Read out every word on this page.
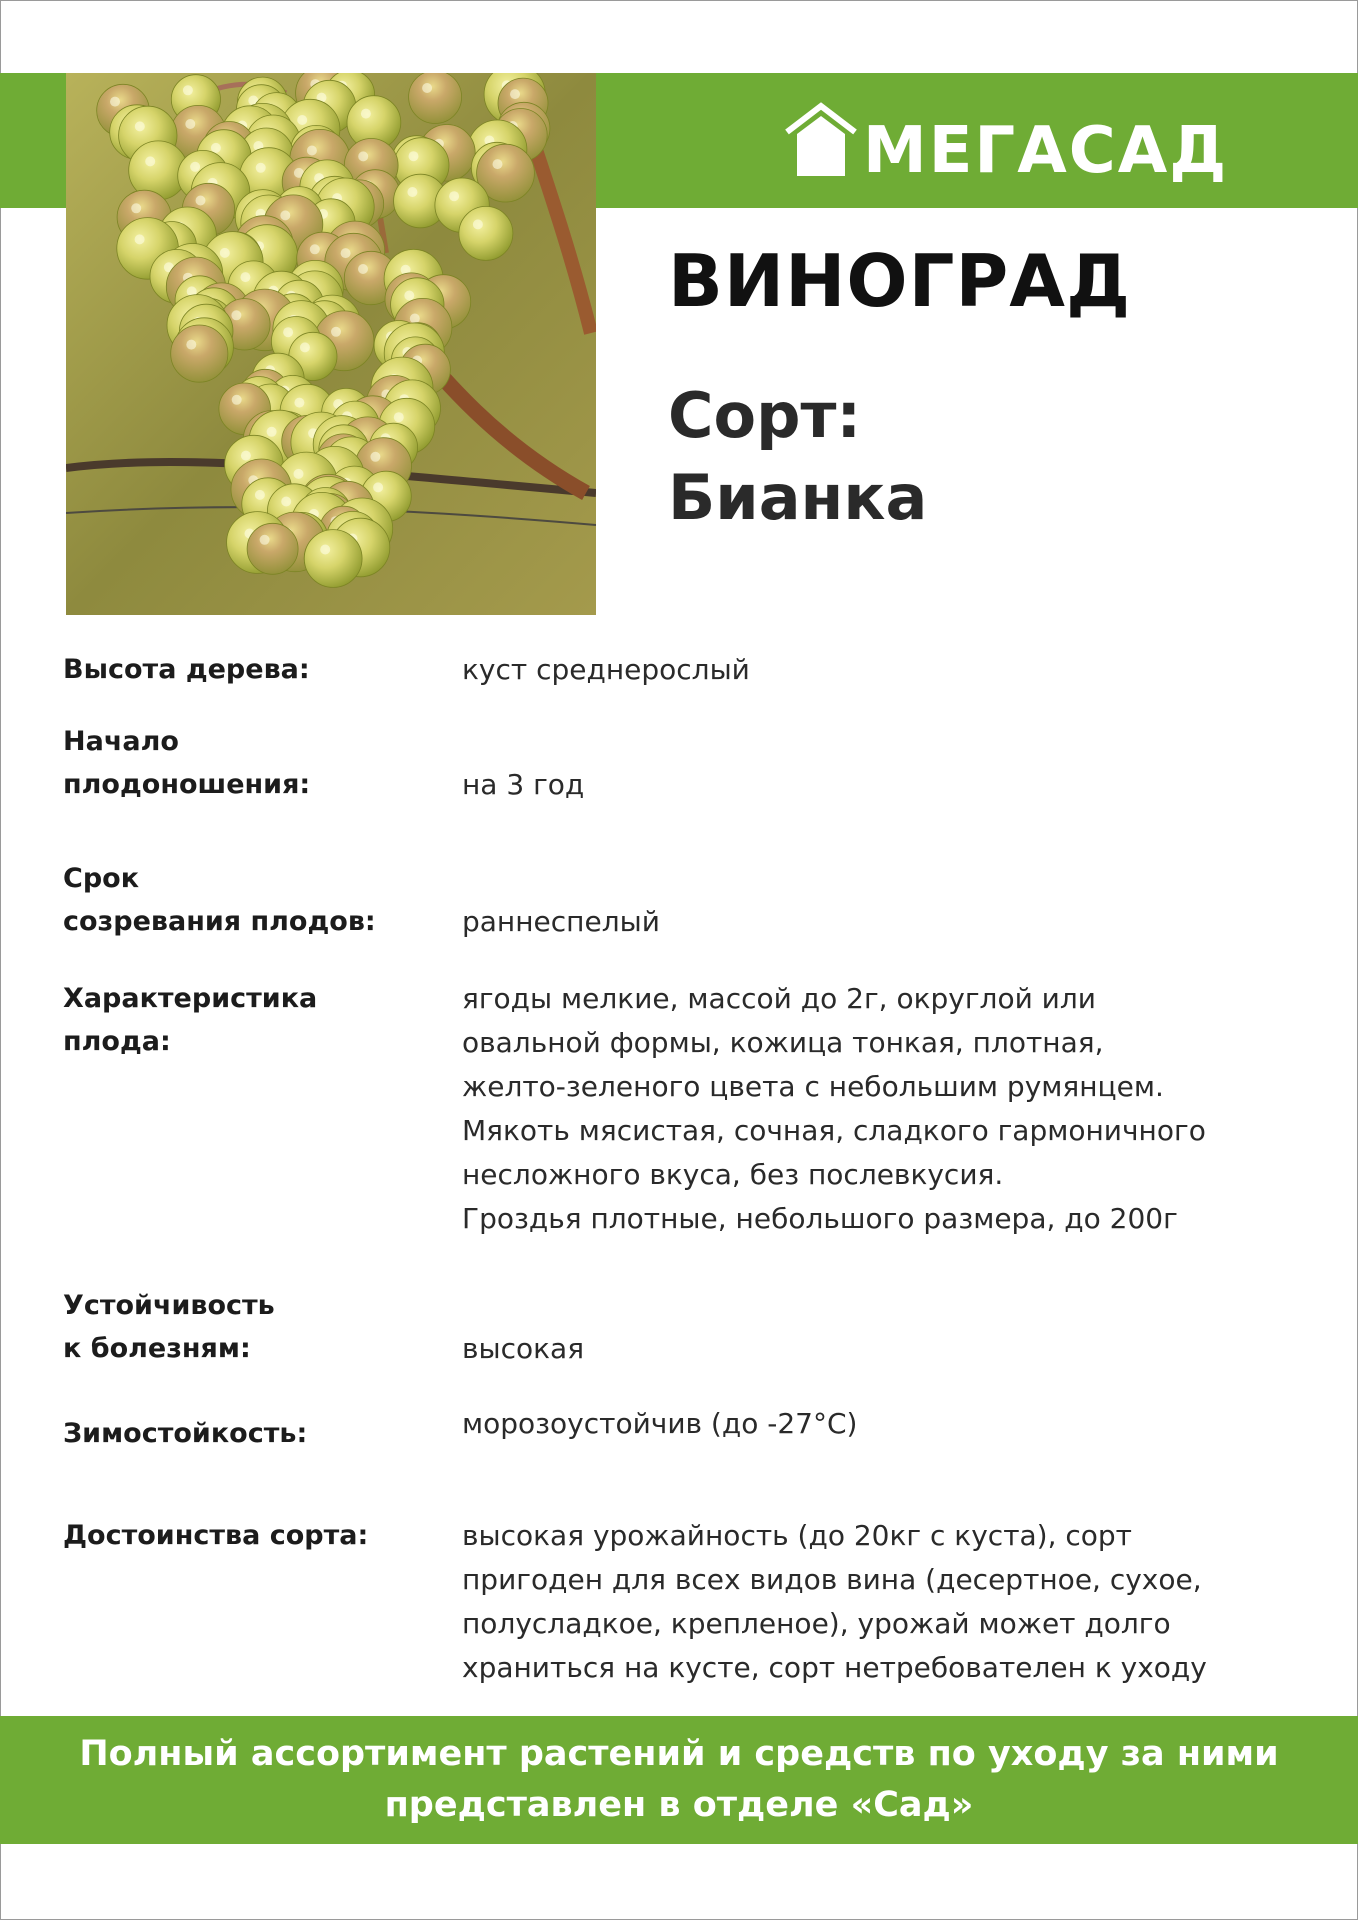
МЕГАСАД
ВИНОГРАД
Сорт:
Бианка
Высота дерева:	куст среднерослый
Начало
плодоношения:	на 3 год
Срок
созревания плодов:	раннеспелый
Характеристика
плода:
ягоды мелкие, массой до 2г, округлой или
овальной формы, кожица тонкая, плотная,
желто-зеленого цвета с небольшим румянцем.
Мякоть мясистая, сочная, сладкого гармоничного
несложного вкуса, без послевкусия.
Гроздья плотные, небольшого размера, до 200г
Устойчивость
к болезням:	высокая
Зимостойкость:	морозоустойчив (до -27°С)
Достоинства сорта:	высокая урожайность (до 20кг с куста), сорт
пригоден для всех видов вина (десертное, сухое,
полусладкое, крепленое), урожай может долго
храниться на кусте, сорт нетребователен к уходу
Полный ассортимент растений и средств по уходу за ними
представлен в отделе «Сад»
